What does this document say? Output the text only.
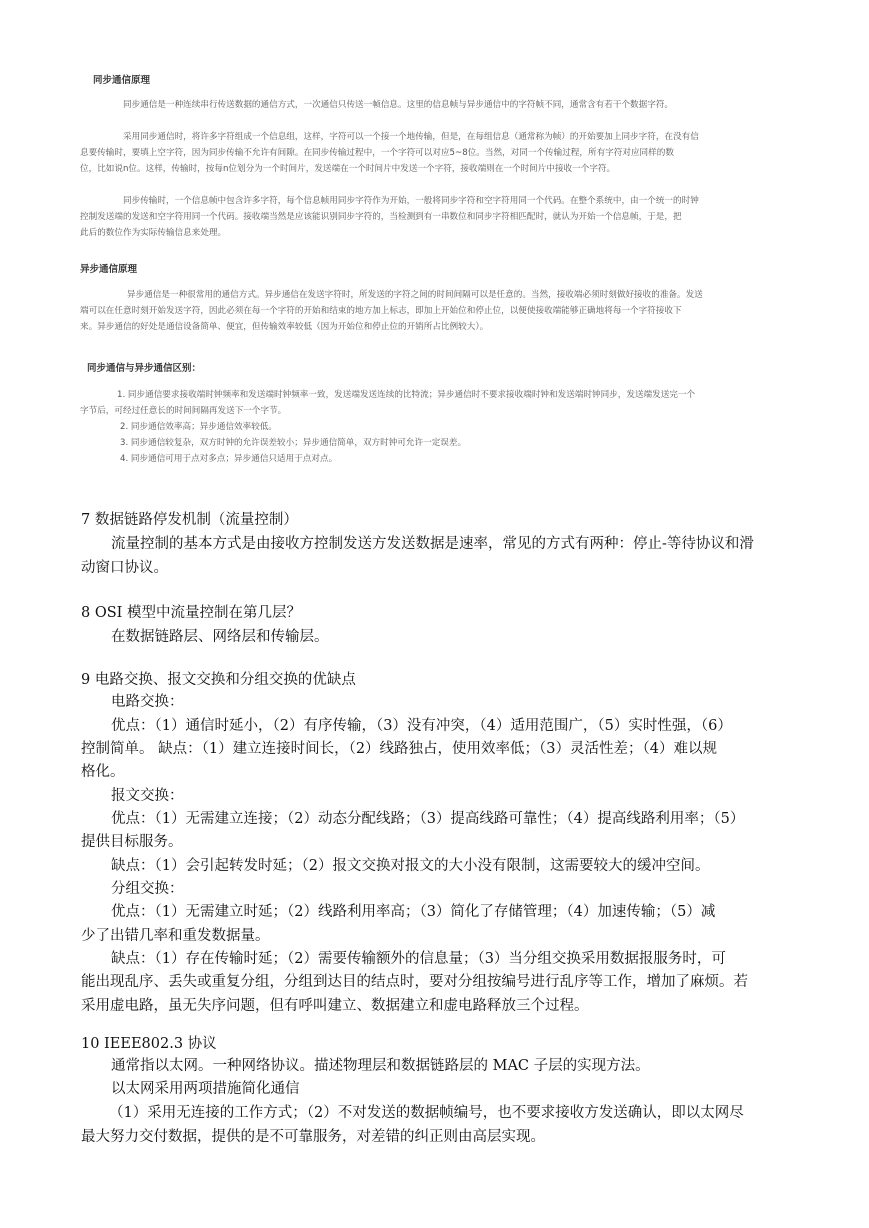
同步通信原理
同步通信是一种连续串行传送数据的通信方式，一次通信只传送一帧信息。这里的信息帧与异步通信中的字符帧不同，通常含有若干个数据字符。
采用同步通信时，将许多字符组成一个信息组，这样，字符可以一个接一个地传输，但是，在每组信息（通常称为帧）的开始要加上同步字符，在没有信
息要传输时，要填上空字符，因为同步传输不允许有间隙。在同步传输过程中，一个字符可以对应5~8位。当然，对同一个传输过程，所有字符对应同样的数
位，比如说n位。这样，传输时，按每n位划分为一个时间片，发送端在一个时间片中发送一个字符，接收端则在一个时间片中接收一个字符。
同步传输时，一个信息帧中包含许多字符，每个信息帧用同步字符作为开始，一般将同步字符和空字符用同一个代码。在整个系统中，由一个统一的时钟
控制发送端的发送和空字符用同一个代码。接收端当然是应该能识别同步字符的，当检测到有一串数位和同步字符相匹配时，就认为开始一个信息帧，于是，把
此后的数位作为实际传输信息来处理。
异步通信原理
异步通信是一种很常用的通信方式。异步通信在发送字符时，所发送的字符之间的时间间隔可以是任意的。当然，接收端必须时刻做好接收的准备。发送
端可以在任意时刻开始发送字符，因此必须在每一个字符的开始和结束的地方加上标志，即加上开始位和停止位，以便使接收端能够正确地将每一个字符接收下
来。异步通信的好处是通信设备简单、便宜，但传输效率较低（因为开始位和停止位的开销所占比例较大）。
同步通信与异步通信区别：
1. 同步通信要求接收端时钟频率和发送端时钟频率一致，发送端发送连续的比特流；异步通信时不要求接收端时钟和发送端时钟同步，发送端发送完一个
字节后，可经过任意长的时间间隔再发送下一个字节。
2. 同步通信效率高；异步通信效率较低。
3. 同步通信较复杂，双方时钟的允许误差较小；异步通信简单，双方时钟可允许一定误差。
4. 同步通信可用于点对多点；异步通信只适用于点对点。
7 数据链路停发机制（流量控制）
流量控制的基本方式是由接收方控制发送方发送数据是速率，常见的方式有两种：停止-等待协议和滑
动窗口协议。
8 OSI 模型中流量控制在第几层？
在数据链路层、网络层和传输层。
9 电路交换、报文交换和分组交换的优缺点
电路交换：
优点：（1）通信时延小，（2）有序传输，（3）没有冲突，（4）适用范围广，（5）实时性强，（6）
控制简单。 缺点：（1）建立连接时间长，（2）线路独占，使用效率低；（3）灵活性差；（4）难以规
格化。
报文交换：
优点：（1）无需建立连接；（2）动态分配线路；（3）提高线路可靠性；（4）提高线路利用率；（5）
提供目标服务。
缺点：（1）会引起转发时延；（2）报文交换对报文的大小没有限制，这需要较大的缓冲空间。
分组交换：
优点：（1）无需建立时延；（2）线路利用率高；（3）简化了存储管理；（4）加速传输；（5）减
少了出错几率和重发数据量。
缺点：（1）存在传输时延；（2）需要传输额外的信息量；（3）当分组交换采用数据报服务时，可
能出现乱序、丢失或重复分组，分组到达目的结点时，要对分组按编号进行乱序等工作，增加了麻烦。若
采用虚电路，虽无失序问题，但有呼叫建立、数据建立和虚电路释放三个过程。
10 IEEE802.3 协议
通常指以太网。一种网络协议。描述物理层和数据链路层的 MAC 子层的实现方法。
以太网采用两项措施简化通信
（1）采用无连接的工作方式；（2）不对发送的数据帧编号，也不要求接收方发送确认，即以太网尽
最大努力交付数据，提供的是不可靠服务，对差错的纠正则由高层实现。
